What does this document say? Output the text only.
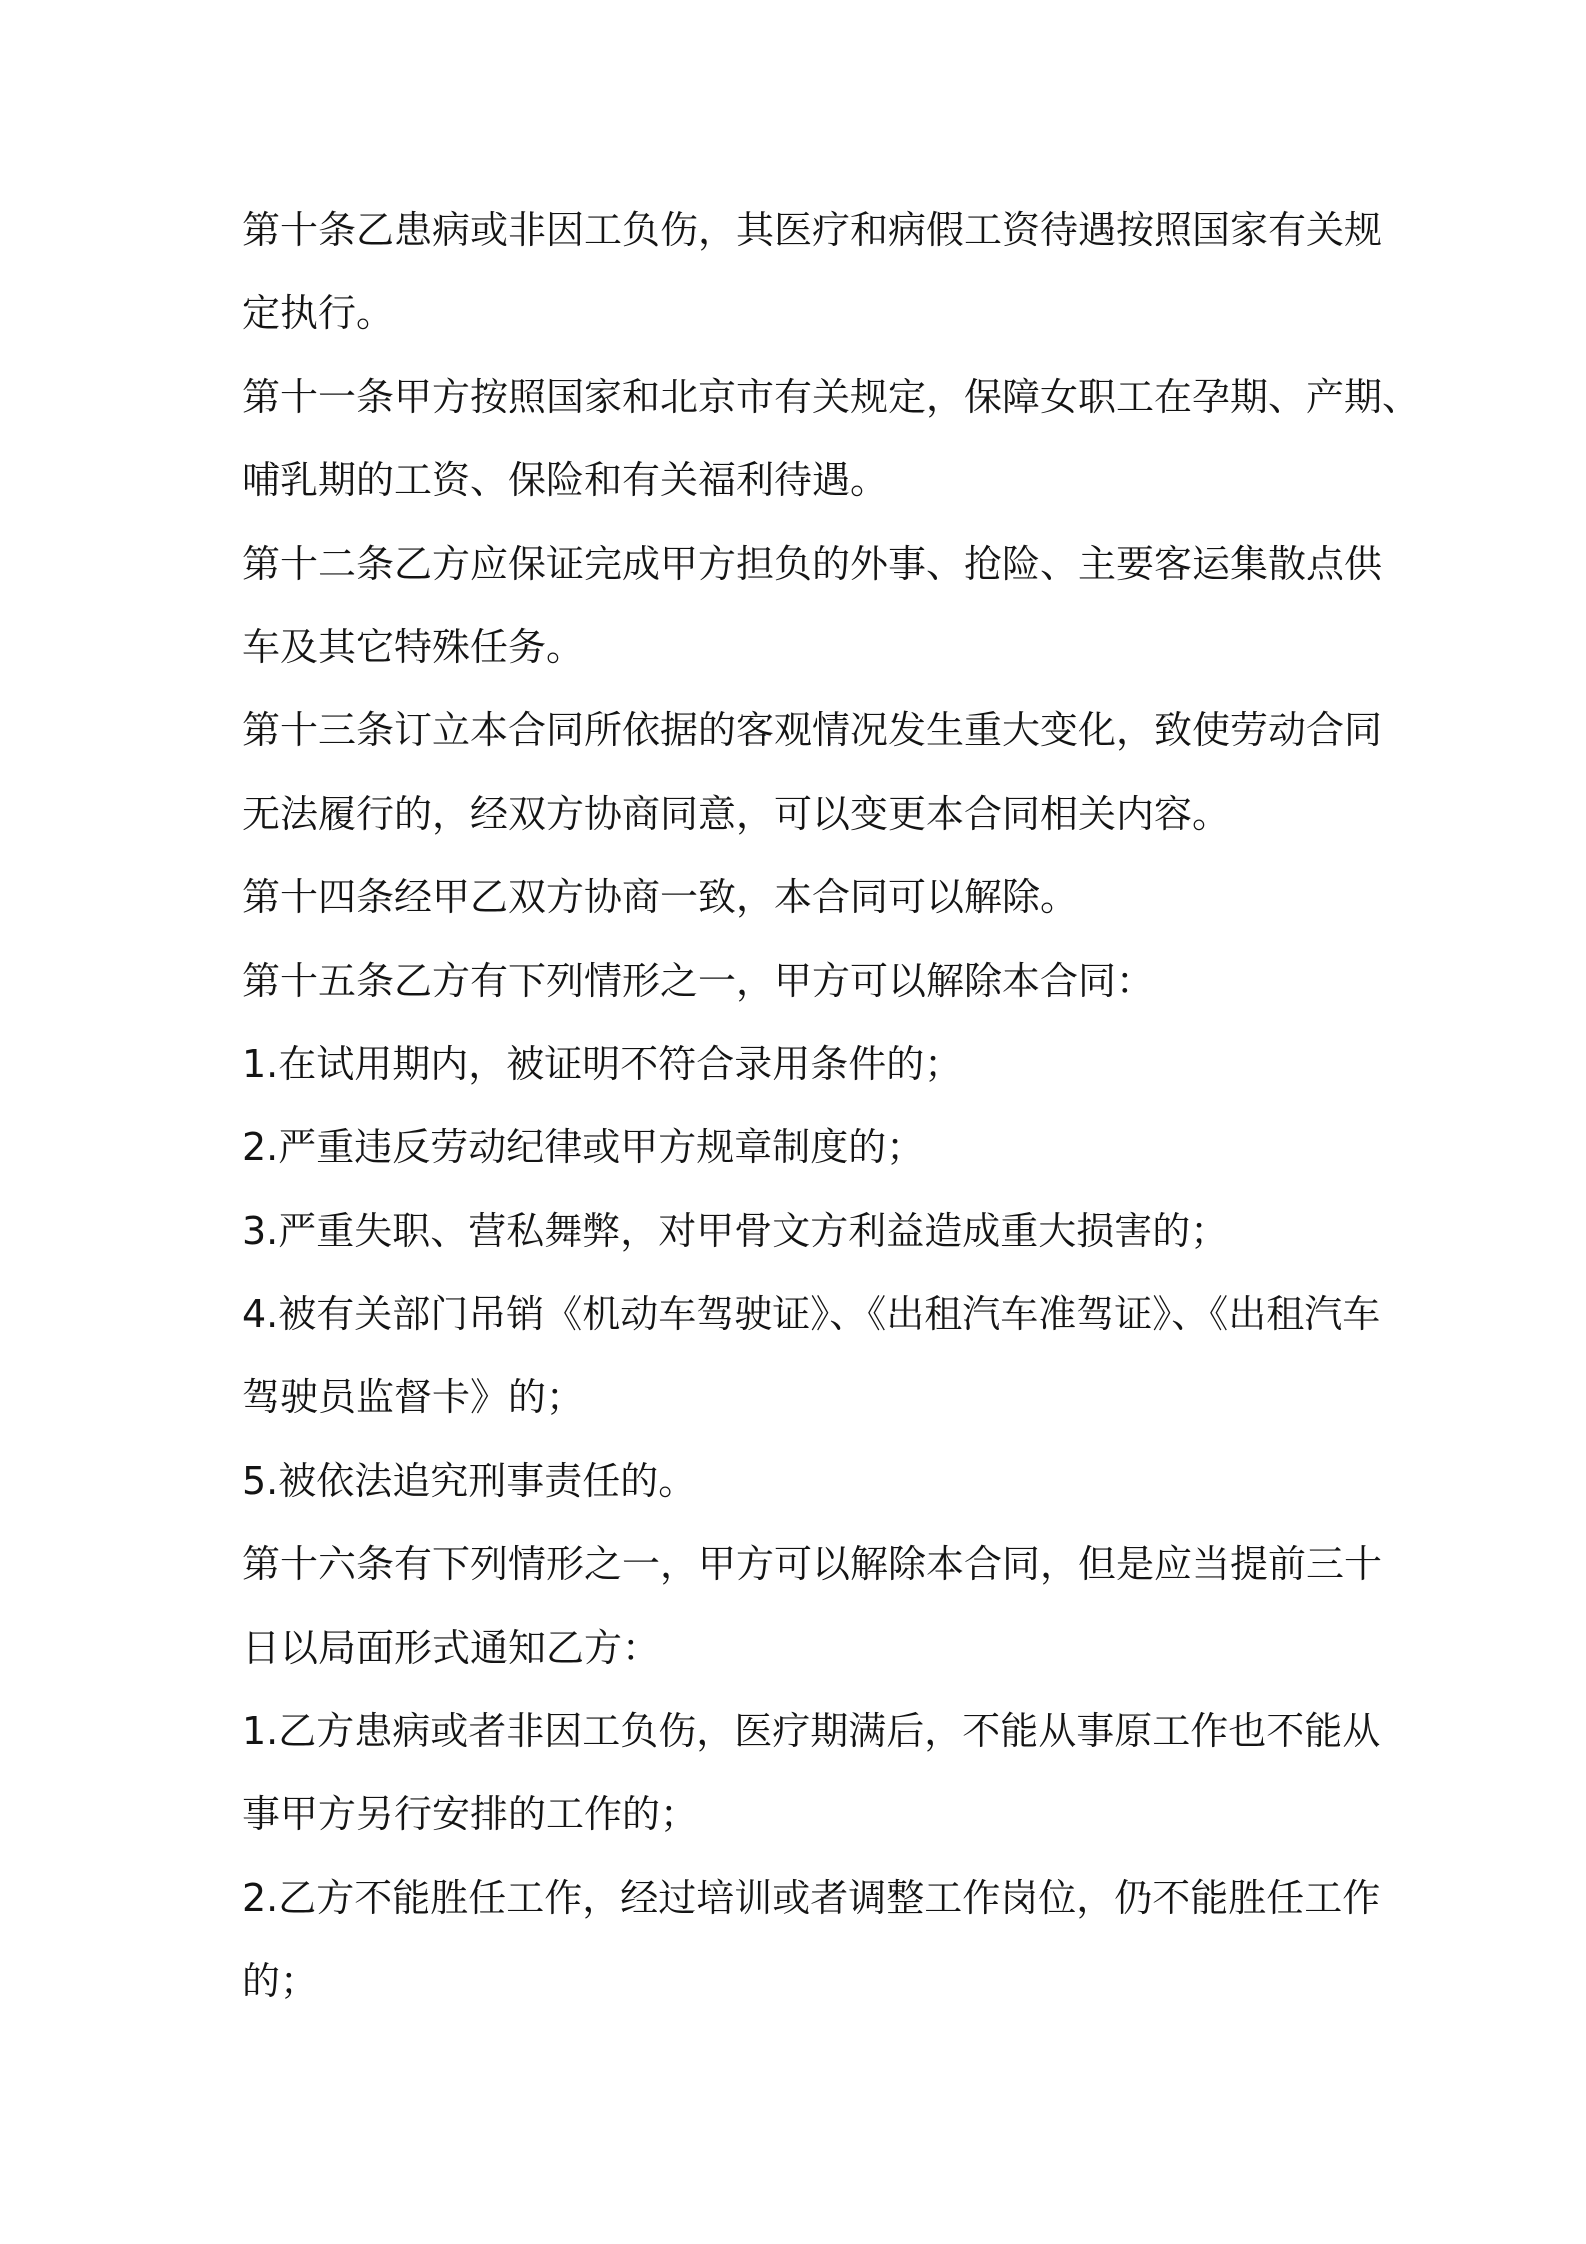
第十条乙患病或非因工负伤，其医疗和病假工资待遇按照国家有关规
定执行。
第十一条甲方按照国家和北京市有关规定，保障女职工在孕期、产期、
哺乳期的工资、保险和有关福利待遇。
第十二条乙方应保证完成甲方担负的外事、抢险、主要客运集散点供
车及其它特殊任务。
第十三条订立本合同所依据的客观情况发生重大变化，致使劳动合同
无法履行的，经双方协商同意，可以变更本合同相关内容。
第十四条经甲乙双方协商一致，本合同可以解除。
第十五条乙方有下列情形之一，甲方可以解除本合同：
1.在试用期内，被证明不符合录用条件的；
2.严重违反劳动纪律或甲方规章制度的；
3.严重失职、营私舞弊，对甲骨文方利益造成重大损害的；
4.被有关部门吊销《机动车驾驶证》、《出租汽车准驾证》、《出租汽车
驾驶员监督卡》的；
5.被依法追究刑事责任的。
第十六条有下列情形之一，甲方可以解除本合同，但是应当提前三十
日以局面形式通知乙方：
1.乙方患病或者非因工负伤，医疗期满后，不能从事原工作也不能从
事甲方另行安排的工作的；
2.乙方不能胜任工作，经过培训或者调整工作岗位，仍不能胜任工作
的；
